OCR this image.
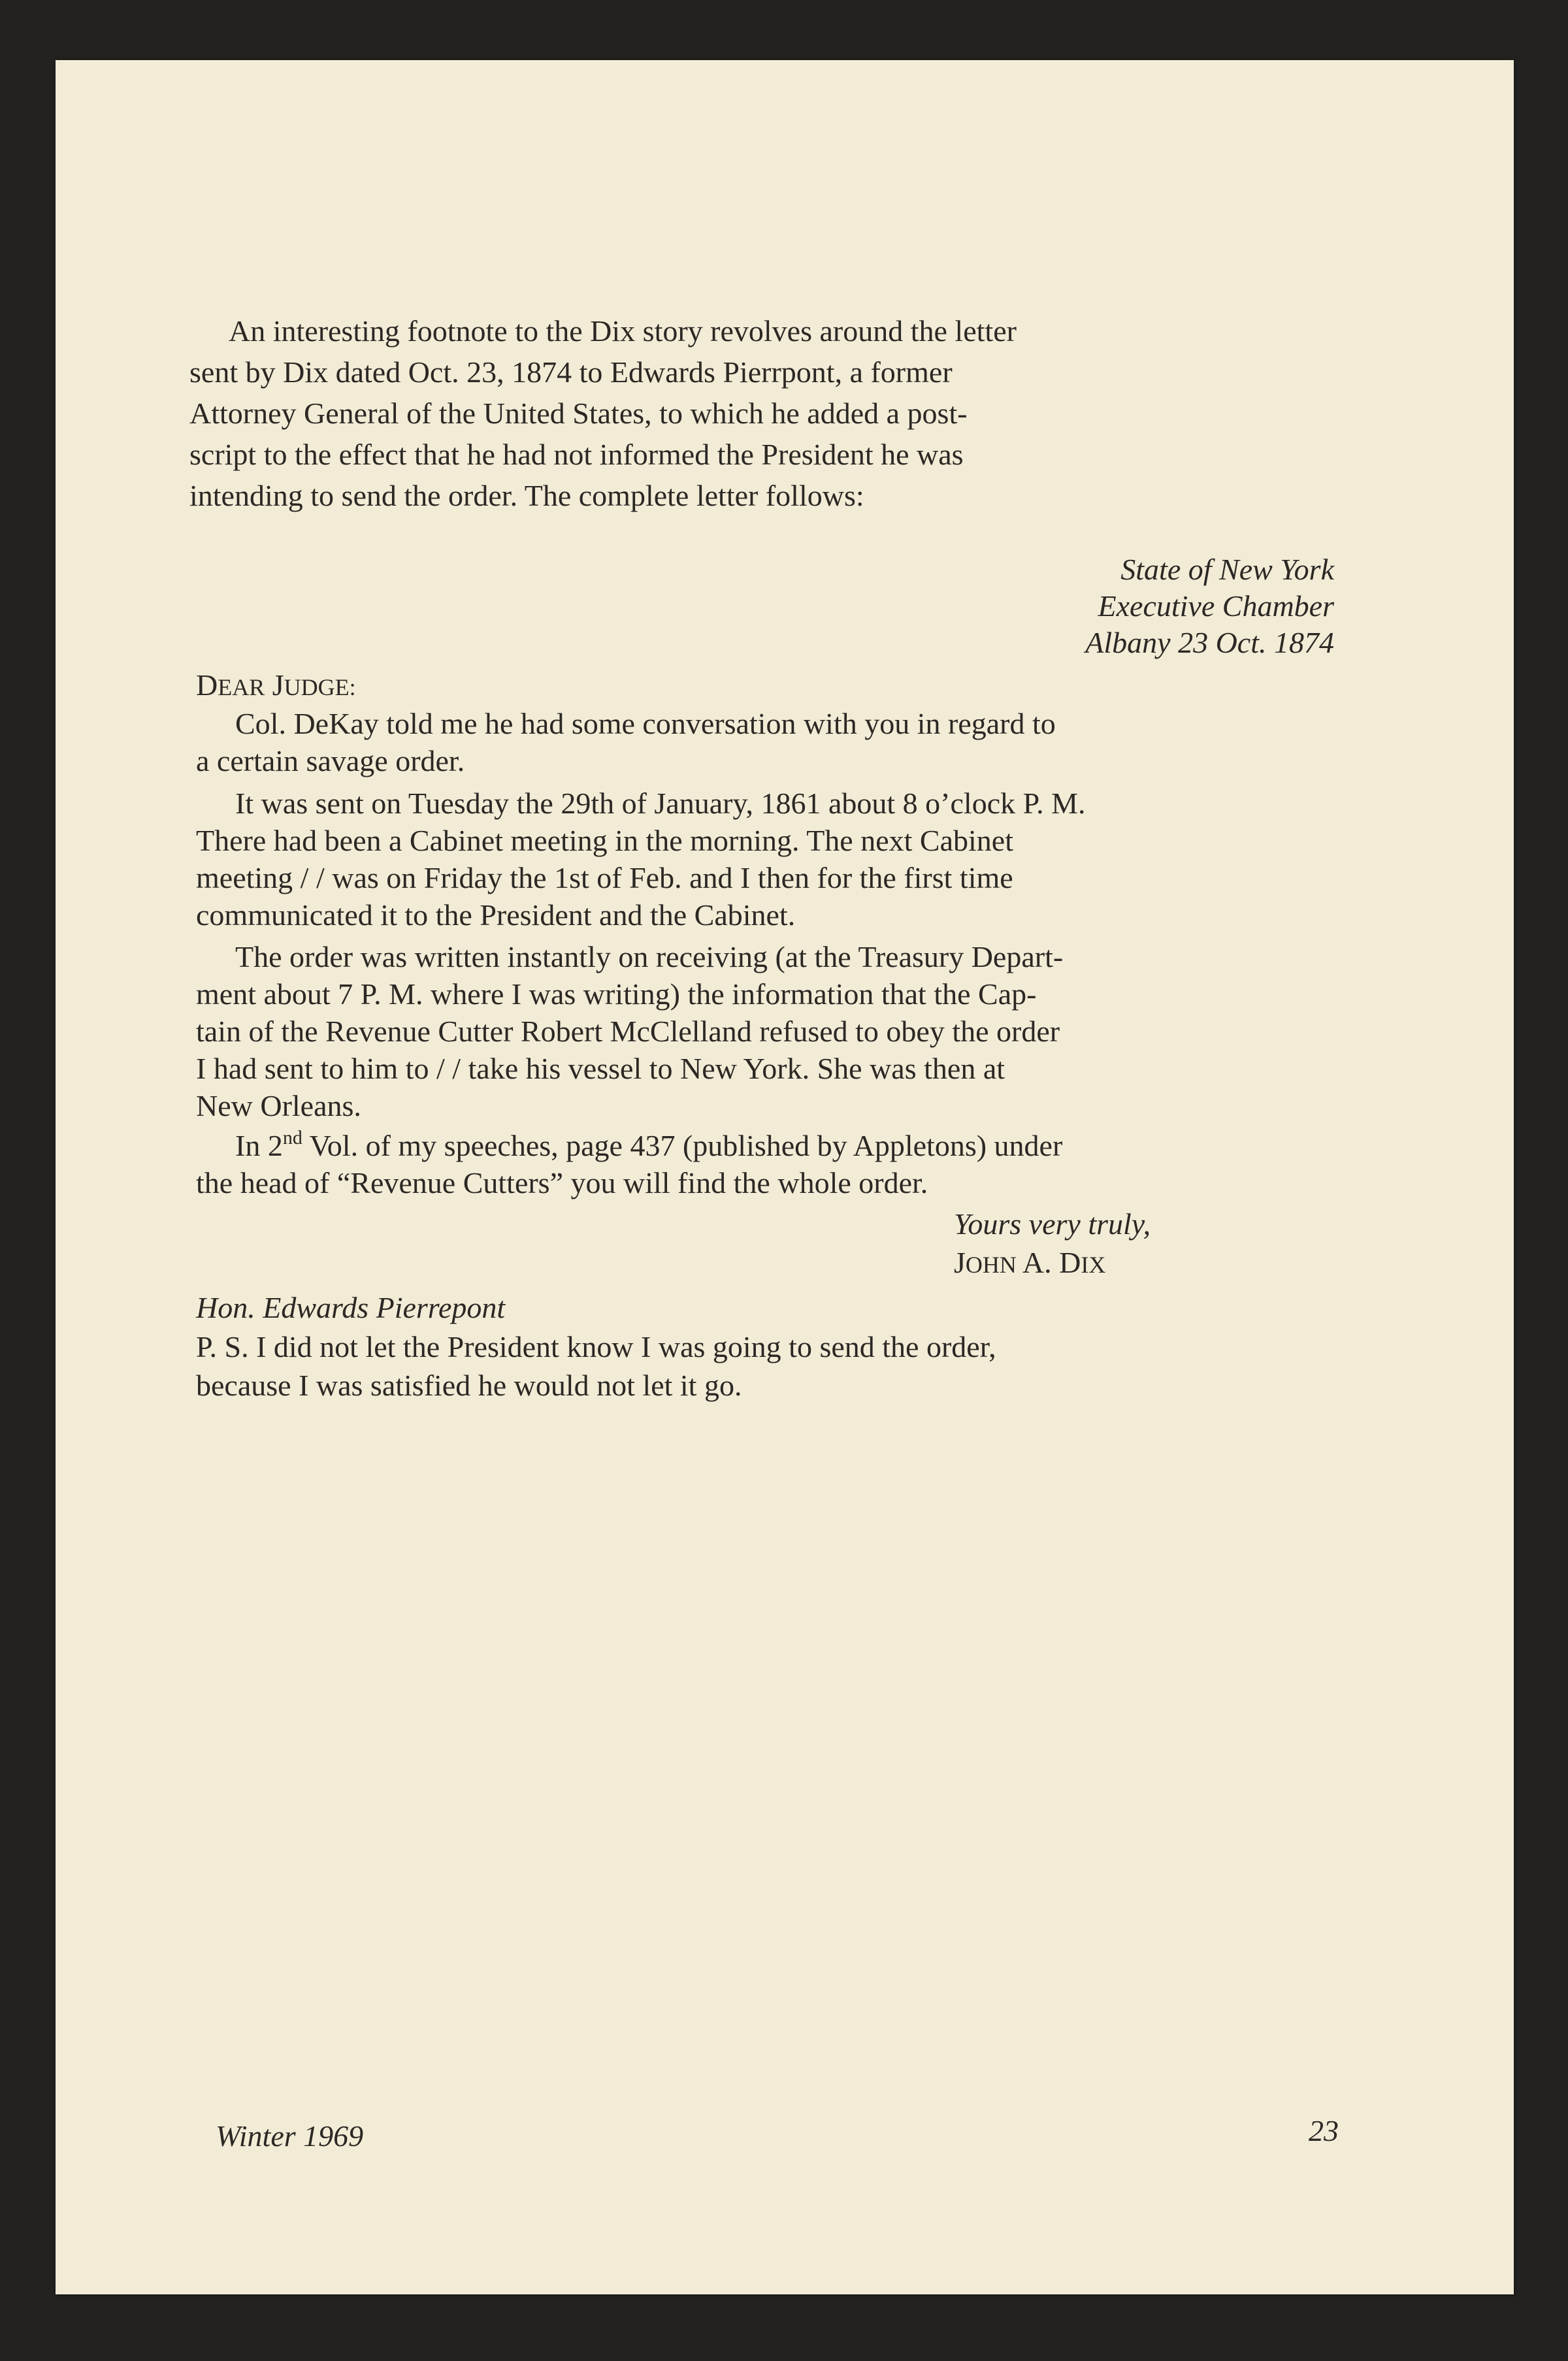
An interesting footnote to the Dix story revolves around the letter

sent by Dix dated Oct. 23, 1874 to Edwards Pierrpont, a former

Attorney General of the United States, to which he added a post-

script to the effect that he had not informed the President he was

intending to send the order. The complete letter follows:

State of New York

Executive Chamber

Albany 23 Oct. 1874

DEAR JUDGE:

Col. DeKay told me he had some conversation with you in regard to

a certain savage order.

It was sent on Tuesday the 29th of January, 1861 about 8 o’clock P. M.

There had been a Cabinet meeting in the morning. The next Cabinet

meeting / / was on Friday the 1st of Feb. and I then for the first time

communicated it to the President and the Cabinet.

The order was written instantly on receiving (at the Treasury Depart-

ment about 7 P. M. where I was writing) the information that the Cap-

tain of the Revenue Cutter Robert McClelland refused to obey the order

I had sent to him to / / take his vessel to New York. She was then at

New Orleans.

In 2nd Vol. of my speeches, page 437 (published by Appletons) under

the head of “Revenue Cutters” you will find the whole order.

Yours very truly,

JOHN A. DIX

Hon. Edwards Pierrepont

P. S. I did not let the President know I was going to send the order,

because I was satisfied he would not let it go.

Winter 1969	23
